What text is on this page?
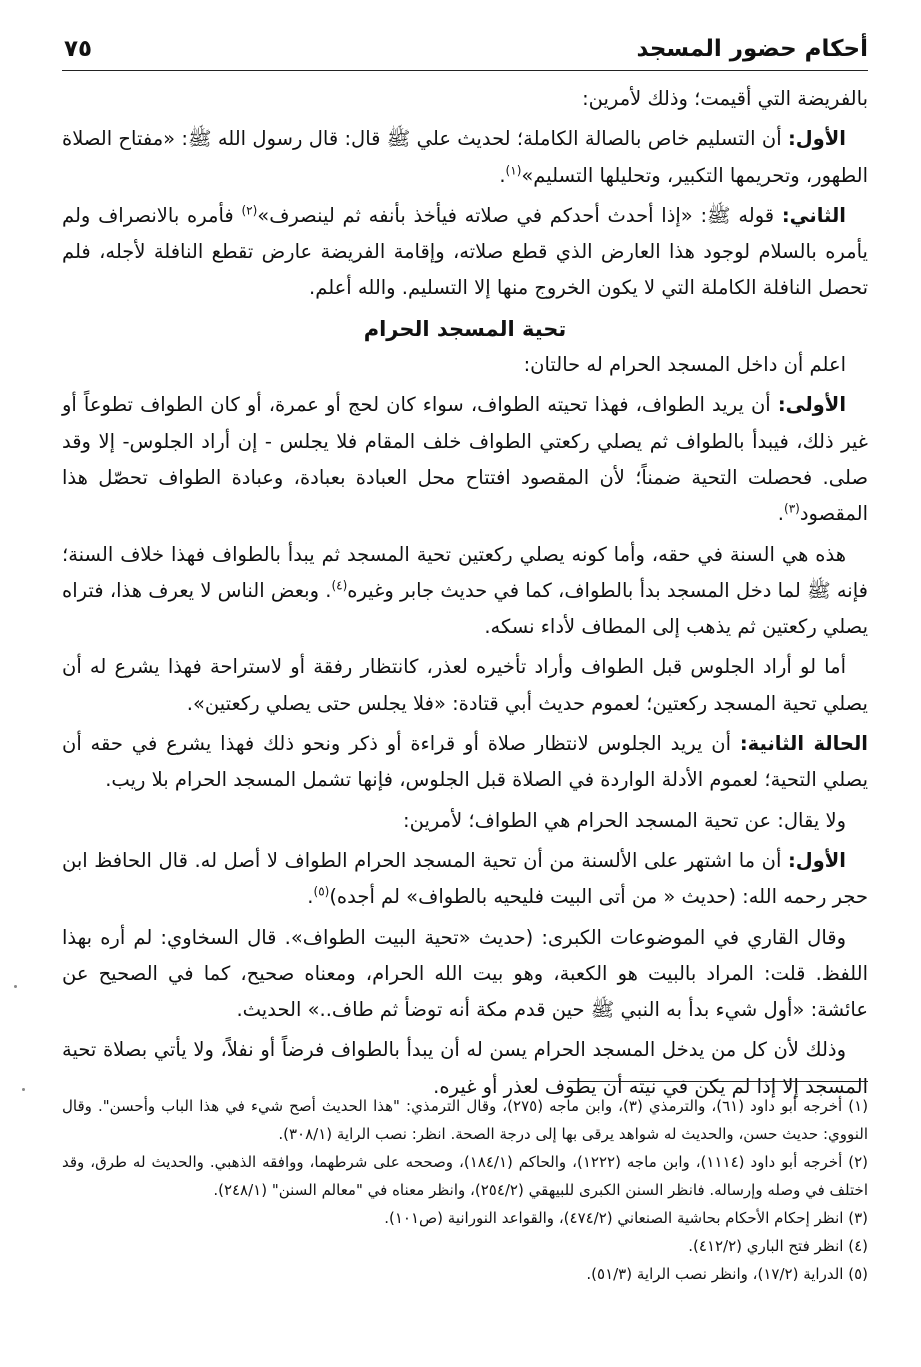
أحكام حضور المسجد
٧٥

بالفريضة التي أقيمت؛ وذلك لأمرين:

الأول: أن التسليم خاص بالصالة الكاملة؛ لحديث علي ﷺ قال: قال رسول الله ﷺ: «مفتاح الصلاة الطهور، وتحريمها التكبير، وتحليلها التسليم»$^{(١)}$.

الثاني: قوله ﷺ: «إذا أحدث أحدكم في صلاته فيأخذ بأنفه ثم لينصرف»$^{(٢)}$ فأمره بالانصراف ولم يأمره بالسلام لوجود هذا العارض الذي قطع صلاته، وإقامة الفريضة عارض تقطع النافلة لأجله، فلم تحصل النافلة الكاملة التي لا يكون الخروج منها إلا التسليم. والله أعلم.

تحية المسجد الحرام

اعلم أن داخل المسجد الحرام له حالتان:

الأولى: أن يريد الطواف، فهذا تحيته الطواف، سواء كان لحج أو عمرة، أو كان الطواف تطوعاً أو غير ذلك، فيبدأ بالطواف ثم يصلي ركعتي الطواف خلف المقام فلا يجلس - إن أراد الجلوس- إلا وقد صلى. فحصلت التحية ضمناً؛ لأن المقصود افتتاح محل العبادة بعبادة، وعبادة الطواف تحصّل هذا المقصود$^{(٣)}$.

هذه هي السنة في حقه، وأما كونه يصلي ركعتين تحية المسجد ثم يبدأ بالطواف فهذا خلاف السنة؛ فإنه ﷺ لما دخل المسجد بدأ بالطواف، كما في حديث جابر وغيره$^{(٤)}$. وبعض الناس لا يعرف هذا، فتراه يصلي ركعتين ثم يذهب إلى المطاف لأداء نسكه.

أما لو أراد الجلوس قبل الطواف وأراد تأخيره لعذر، كانتظار رفقة أو لاستراحة فهذا يشرع له أن يصلي تحية المسجد ركعتين؛ لعموم حديث أبي قتادة: «فلا يجلس حتى يصلي ركعتين».

الحالة الثانية: أن يريد الجلوس لانتظار صلاة أو قراءة أو ذكر ونحو ذلك فهذا يشرع في حقه أن يصلي التحية؛ لعموم الأدلة الواردة في الصلاة قبل الجلوس، فإنها تشمل المسجد الحرام بلا ريب.

ولا يقال: عن تحية المسجد الحرام هي الطواف؛ لأمرين:

الأول: أن ما اشتهر على الألسنة من أن تحية المسجد الحرام الطواف لا أصل له. قال الحافظ ابن حجر رحمه الله: (حديث « من أتى البيت فليحيه بالطواف» لم أجده)$^{(٥)}$.

وقال القاري في الموضوعات الكبرى: (حديث «تحية البيت الطواف». قال السخاوي: لم أره بهذا اللفظ. قلت: المراد بالبيت هو الكعبة، وهو بيت الله الحرام، ومعناه صحيح، كما في الصحيح عن عائشة: «أول شيء بدأ به النبي ﷺ حين قدم مكة أنه توضأ ثم طاف..» الحديث.

وذلك لأن كل من يدخل المسجد الحرام يسن له أن يبدأ بالطواف فرضاً أو نفلاً، ولا يأتي بصلاة تحية المسجد إلا إذا لم يكن في نيته أن يطوف لعذر أو غيره.

(١) أخرجه أبو داود (٦١)، والترمذي (٣)، وابن ماجه (٢٧٥)، وقال الترمذي: "هذا الحديث أصح شيء في هذا الباب وأحسن". وقال النووي: حديث حسن، والحديث له شواهد يرقى بها إلى درجة الصحة. انظر: نصب الراية (٣٠٨/١).

(٢) أخرجه أبو داود (١١١٤)، وابن ماجه (١٢٢٢)، والحاكم (١٨٤/١)، وصححه على شرطهما، ووافقه الذهبي. والحديث له طرق، وقد اختلف في وصله وإرساله. فانظر السنن الكبرى للبيهقي (٢٥٤/٢)، وانظر معناه في "معالم السنن" (٢٤٨/١).

(٣) انظر إحكام الأحكام بحاشية الصنعاني (٤٧٤/٢)، والقواعد النورانية (ص١٠١).

(٤) انظر فتح الباري (٤١٢/٢).

(٥) الدراية (١٧/٢)، وانظر نصب الراية (٥١/٣).
